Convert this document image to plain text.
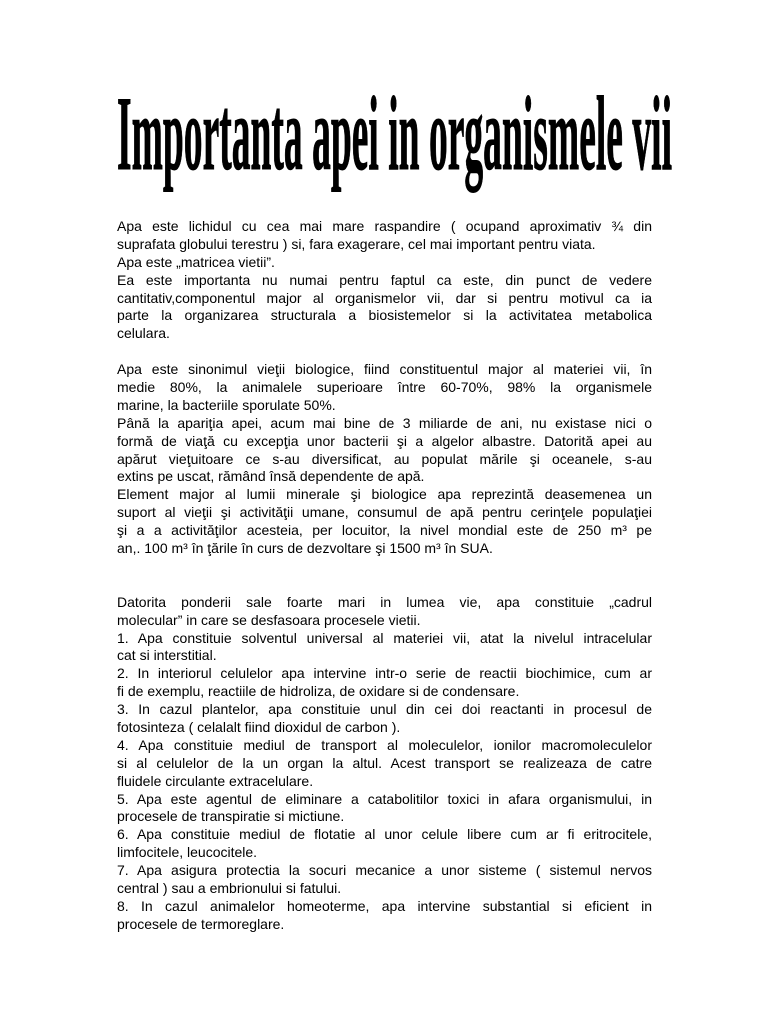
Importanta apei in organismele vii
Apa este lichidul cu cea mai mare raspandire ( ocupand aproximativ ¾ din
suprafata globului terestru ) si, fara exagerare, cel mai important pentru viata.
Apa este „matricea vietii”.
Ea este importanta nu numai pentru faptul ca este, din punct de vedere
cantitativ,componentul major al organismelor vii, dar si pentru motivul ca ia
parte la organizarea structurala a biosistemelor si la activitatea metabolica
celulara.
Apa este sinonimul vieţii biologice, fiind constituentul major al materiei vii, în
medie 80%, la animalele superioare între 60-70%, 98% la organismele
marine, la bacteriile sporulate 50%.
Până la apariţia apei, acum mai bine de 3 miliarde de ani, nu existase nici o
formă de viaţă cu excepţia unor bacterii şi a algelor albastre. Datorită apei au
apărut vieţuitoare ce s-au diversificat, au populat mările şi oceanele, s-au
extins pe uscat, rămând însă dependente de apă.
Element major al lumii minerale şi biologice apa reprezintă deasemenea un
suport al vieţii şi activităţii umane, consumul de apă pentru cerinţele populaţiei
şi a a activităţilor acesteia, per locuitor, la nivel mondial este de 250 m³ pe
an,. 100 m³ în ţările în curs de dezvoltare şi 1500 m³ în SUA.
Datorita ponderii sale foarte mari in lumea vie, apa constituie „cadrul
molecular” in care se desfasoara procesele vietii.
1. Apa constituie solventul universal al materiei vii, atat la nivelul intracelular
cat si interstitial.
2. In interiorul celulelor apa intervine intr-o serie de reactii biochimice, cum ar
fi de exemplu, reactiile de hidroliza, de oxidare si de condensare.
3. In cazul plantelor, apa constituie unul din cei doi reactanti in procesul de
fotosinteza ( celalalt fiind dioxidul de carbon ).
4. Apa constituie mediul de transport al moleculelor, ionilor macromoleculelor
si al celulelor de la un organ la altul. Acest transport se realizeaza de catre
fluidele circulante extracelulare.
5. Apa este agentul de eliminare a catabolitilor toxici in afara organismului, in
procesele de transpiratie si mictiune.
6. Apa constituie mediul de flotatie al unor celule libere cum ar fi eritrocitele,
limfocitele, leucocitele.
7. Apa asigura protectia la socuri mecanice a unor sisteme ( sistemul nervos
central ) sau a embrionului si fatului.
8. In cazul animalelor homeoterme, apa intervine substantial si eficient in
procesele de termoreglare.
